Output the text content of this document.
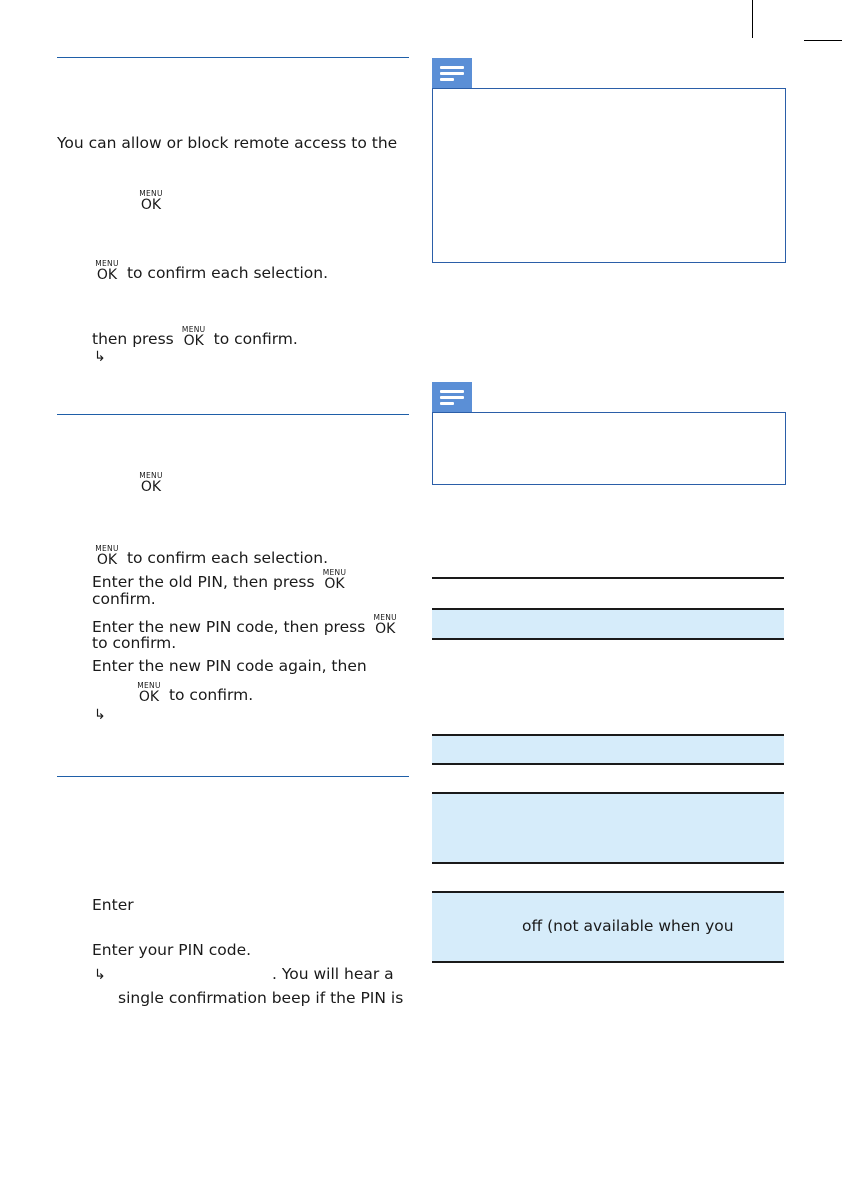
You can allow or block remote access to the
MENU
OK
MENU
OK to confirm each selection.
then press
MENU
OK to confirm.
↳
MENU
OK
MENU
OK to confirm each selection.
Enter the old PIN, then press
MENU
OK
confirm.
Enter the new PIN code, then press
MENU
OK
to confirm.
Enter the new PIN code again, then
MENU
OK to confirm.
↳
Enter
Enter your PIN code.
↳	. You will hear a
single confirmation beep if the PIN is
off (not available when you
